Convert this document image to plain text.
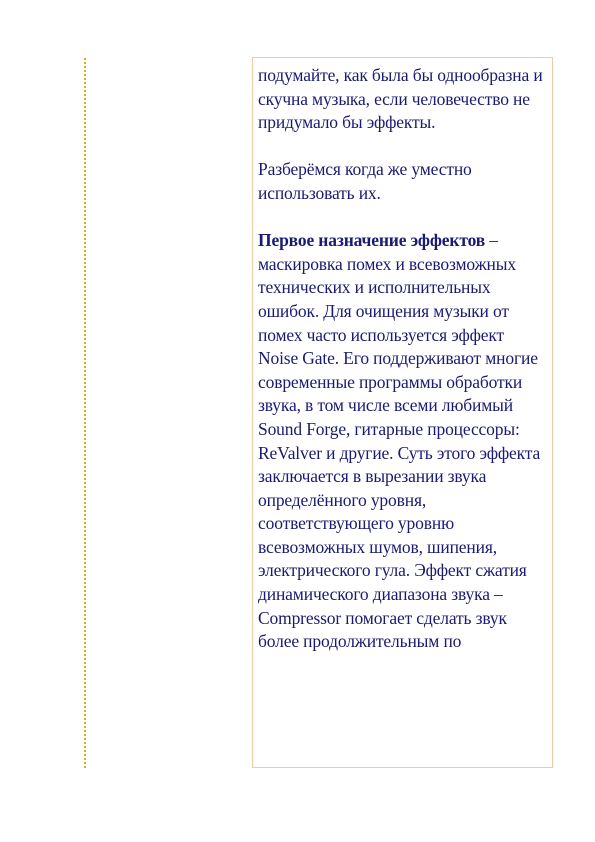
подумайте, как была бы однообразна и скучна музыка, если человечество не придумало бы эффекты.

Разберёмся когда же уместно использовать их.

Первое назначение эффектов – маскировка помех и всевозможных технических и исполнительных ошибок. Для очищения музыки от помех часто используется эффект Noise Gate. Его поддерживают многие современные программы обработки звука, в том числе всеми любимый Sound Forge, гитарные процессоры: ReValver и другие. Суть этого эффекта заключается в вырезании звука определённого уровня, соответствующего уровню всевозможных шумов, шипения, электрического гула. Эффект сжатия динамического диапазона звука – Compressor помогает сделать звук более продолжительным по
